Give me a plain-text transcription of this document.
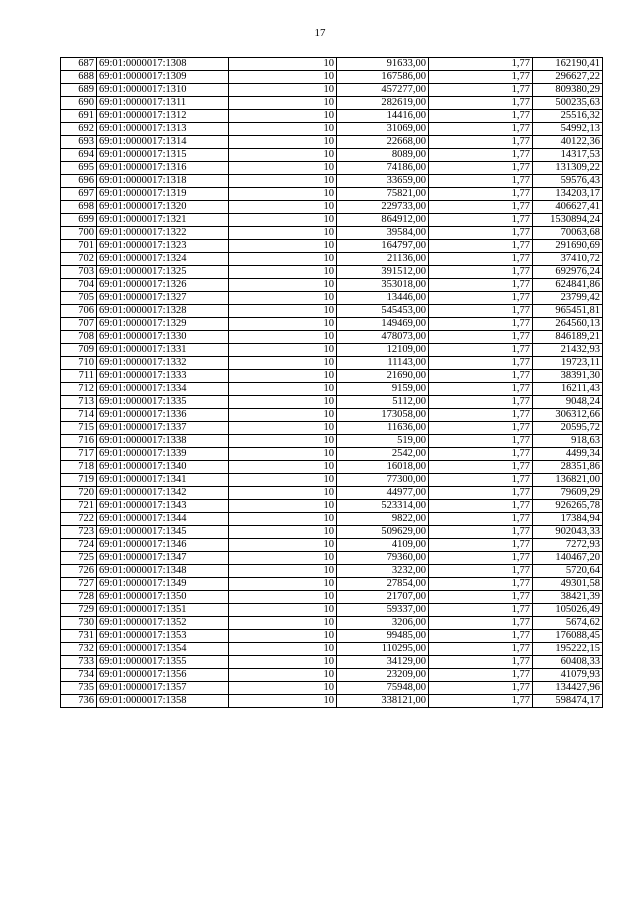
17
687	69:01:0000017:1308	10	91633,00	1,77	162190,41
688	69:01:0000017:1309	10	167586,00	1,77	296627,22
689	69:01:0000017:1310	10	457277,00	1,77	809380,29
690	69:01:0000017:1311	10	282619,00	1,77	500235,63
691	69:01:0000017:1312	10	14416,00	1,77	25516,32
692	69:01:0000017:1313	10	31069,00	1,77	54992,13
693	69:01:0000017:1314	10	22668,00	1,77	40122,36
694	69:01:0000017:1315	10	8089,00	1,77	14317,53
695	69:01:0000017:1316	10	74186,00	1,77	131309,22
696	69:01:0000017:1318	10	33659,00	1,77	59576,43
697	69:01:0000017:1319	10	75821,00	1,77	134203,17
698	69:01:0000017:1320	10	229733,00	1,77	406627,41
699	69:01:0000017:1321	10	864912,00	1,77	1530894,24
700	69:01:0000017:1322	10	39584,00	1,77	70063,68
701	69:01:0000017:1323	10	164797,00	1,77	291690,69
702	69:01:0000017:1324	10	21136,00	1,77	37410,72
703	69:01:0000017:1325	10	391512,00	1,77	692976,24
704	69:01:0000017:1326	10	353018,00	1,77	624841,86
705	69:01:0000017:1327	10	13446,00	1,77	23799,42
706	69:01:0000017:1328	10	545453,00	1,77	965451,81
707	69:01:0000017:1329	10	149469,00	1,77	264560,13
708	69:01:0000017:1330	10	478073,00	1,77	846189,21
709	69:01:0000017:1331	10	12109,00	1,77	21432,93
710	69:01:0000017:1332	10	11143,00	1,77	19723,11
711	69:01:0000017:1333	10	21690,00	1,77	38391,30
712	69:01:0000017:1334	10	9159,00	1,77	16211,43
713	69:01:0000017:1335	10	5112,00	1,77	9048,24
714	69:01:0000017:1336	10	173058,00	1,77	306312,66
715	69:01:0000017:1337	10	11636,00	1,77	20595,72
716	69:01:0000017:1338	10	519,00	1,77	918,63
717	69:01:0000017:1339	10	2542,00	1,77	4499,34
718	69:01:0000017:1340	10	16018,00	1,77	28351,86
719	69:01:0000017:1341	10	77300,00	1,77	136821,00
720	69:01:0000017:1342	10	44977,00	1,77	79609,29
721	69:01:0000017:1343	10	523314,00	1,77	926265,78
722	69:01:0000017:1344	10	9822,00	1,77	17384,94
723	69:01:0000017:1345	10	509629,00	1,77	902043,33
724	69:01:0000017:1346	10	4109,00	1,77	7272,93
725	69:01:0000017:1347	10	79360,00	1,77	140467,20
726	69:01:0000017:1348	10	3232,00	1,77	5720,64
727	69:01:0000017:1349	10	27854,00	1,77	49301,58
728	69:01:0000017:1350	10	21707,00	1,77	38421,39
729	69:01:0000017:1351	10	59337,00	1,77	105026,49
730	69:01:0000017:1352	10	3206,00	1,77	5674,62
731	69:01:0000017:1353	10	99485,00	1,77	176088,45
732	69:01:0000017:1354	10	110295,00	1,77	195222,15
733	69:01:0000017:1355	10	34129,00	1,77	60408,33
734	69:01:0000017:1356	10	23209,00	1,77	41079,93
735	69:01:0000017:1357	10	75948,00	1,77	134427,96
736	69:01:0000017:1358	10	338121,00	1,77	598474,17
